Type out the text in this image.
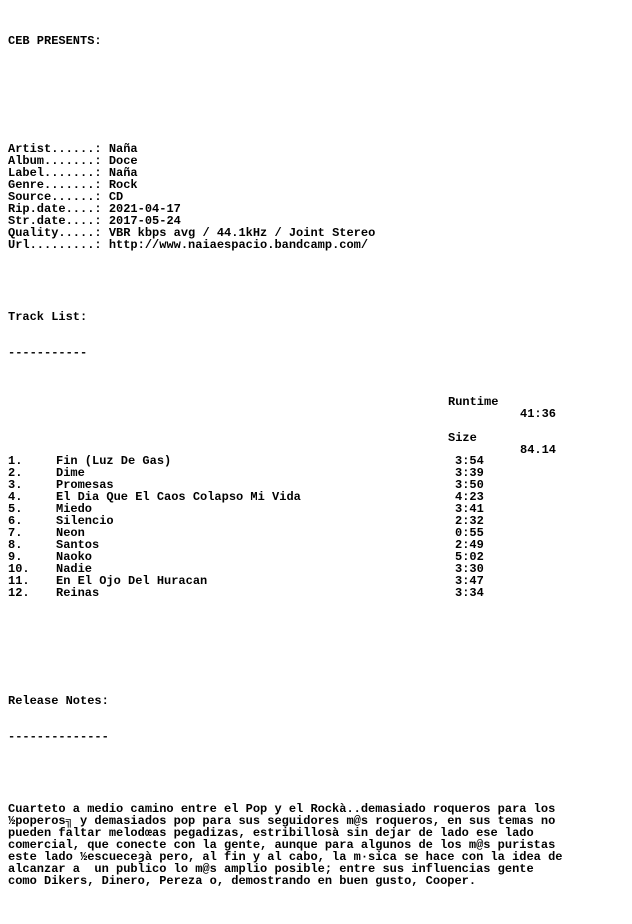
CEB PRESENTS:

Artist......: Naña
Album.......: Doce
Label.......: Naña
Genre.......: Rock
Source......: CD
Rip.date....: 2021-04-17
Str.date....: 2017-05-24
Quality.....: VBR kbps avg / 44.1kHz / Joint Stereo
Url.........: http://www.naiaespacio.bandcamp.com/

Track List:

-----------

1.	Fin (Luz De Gas)	3:54
2.	Dime	3:39
3.	Promesas	3:50
4.	El Dia Que El Caos Colapso Mi Vida	4:23
5.	Miedo	3:41
6.	Silencio	2:32
7.	Neon	0:55
8.	Santos	2:49
9.	Naoko	5:02
10. Nadie	3:30
11. En El Ojo Del Huracan	3:47
12. Reinas	3:34

Release Notes:

--------------

Cuarteto a medio camino entre el Pop y el Rockà..demasiado roqueros para los
½poperos╗ y demasiados pop para sus seguidores m@s roqueros, en sus temas no
pueden faltar melodœas pegadizas, estribillosà sin dejar de lado ese lado
comercial, que conecte con la gente, aunque para algunos de los m@s puristas
este lado ½escueceȝà pero, al fin y al cabo, la m·sica se hace con la idea de
alcanzar a  un publico lo m@s amplio posible; entre sus influencias gente
como Dikers, Dinero, Pereza o, demostrando en buen gusto, Cooper.

Runtime

41:36

Size

84.14
